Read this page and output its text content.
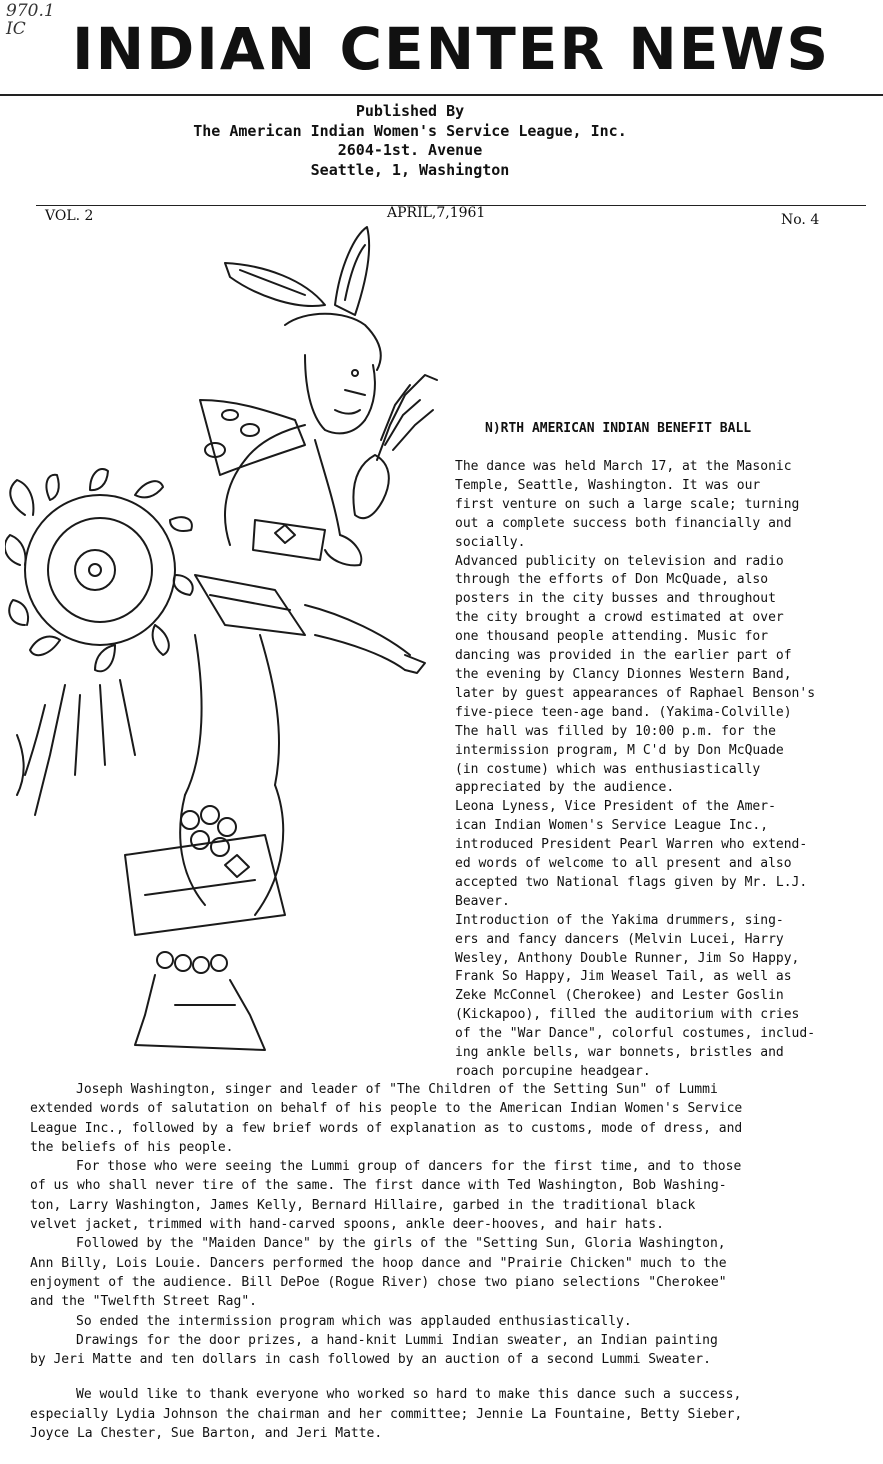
970.1
IC INDIAN CENTER NEWS
Published By
The American Indian Women's Service League, Inc.
2604-1st. Avenue
Seattle, 1, Washington
VOL. 2	APRIL,7,1961	No. 4
N)RTH AMERICAN INDIAN BENEFIT BALL
The dance was held March 17, at the Masonic
Temple, Seattle, Washington. It was our
first venture on such a large scale; turning
out a complete success both financially and
socially.
Advanced publicity on television and radio
through the efforts of Don McQuade, also
posters in the city busses and throughout
the city brought a crowd estimated at over
one thousand people attending. Music for
dancing was provided in the earlier part of
the evening by Clancy Dionnes Western Band,
later by guest appearances of Raphael Benson's
five-piece teen-age band. (Yakima-Colville)
The hall was filled by 10:00 p.m. for the
intermission program, M C'd by Don McQuade
(in costume) which was enthusiastically
appreciated by the audience.
Leona Lyness, Vice President of the Amer-
ican Indian Women's Service League Inc.,
introduced President Pearl Warren who extend-
ed words of welcome to all present and also
accepted two National flags given by Mr. L.J.
Beaver.
Introduction of the Yakima drummers, sing-
ers and fancy dancers (Melvin Lucei, Harry
Wesley, Anthony Double Runner, Jim So Happy,
Frank So Happy, Jim Weasel Tail, as well as
Zeke McConnel (Cherokee) and Lester Goslin
(Kickapoo), filled the auditorium with cries
of the "War Dance", colorful costumes, includ-
ing ankle bells, war bonnets, bristles and
roach porcupine headgear.
Joseph Washington, singer and leader of "The Children of the Setting Sun" of Lummi
extended words of salutation on behalf of his people to the American Indian Women's Service
League Inc., followed by a few brief words of explanation as to customs, mode of dress, and
the beliefs of his people.
For those who were seeing the Lummi group of dancers for the first time, and to those
of us who shall never tire of the same. The first dance with Ted Washington, Bob Washing-
ton, Larry Washington, James Kelly, Bernard Hillaire, garbed in the traditional black
velvet jacket, trimmed with hand-carved spoons, ankle deer-hooves, and hair hats.
Followed by the "Maiden Dance" by the girls of the "Setting Sun, Gloria Washington,
Ann Billy, Lois Louie. Dancers performed the hoop dance and "Prairie Chicken" much to the
enjoyment of the audience. Bill DePoe (Rogue River) chose two piano selections "Cherokee"
and the "Twelfth Street Rag".
So ended the intermission program which was applauded enthusiastically.
Drawings for the door prizes, a hand-knit Lummi Indian sweater, an Indian painting
by Jeri Matte and ten dollars in cash followed by an auction of a second Lummi Sweater.
We would like to thank everyone who worked so hard to make this dance such a success,
especially Lydia Johnson the chairman and her committee; Jennie La Fountaine, Betty Sieber,
Joyce La Chester, Sue Barton, and Jeri Matte.
